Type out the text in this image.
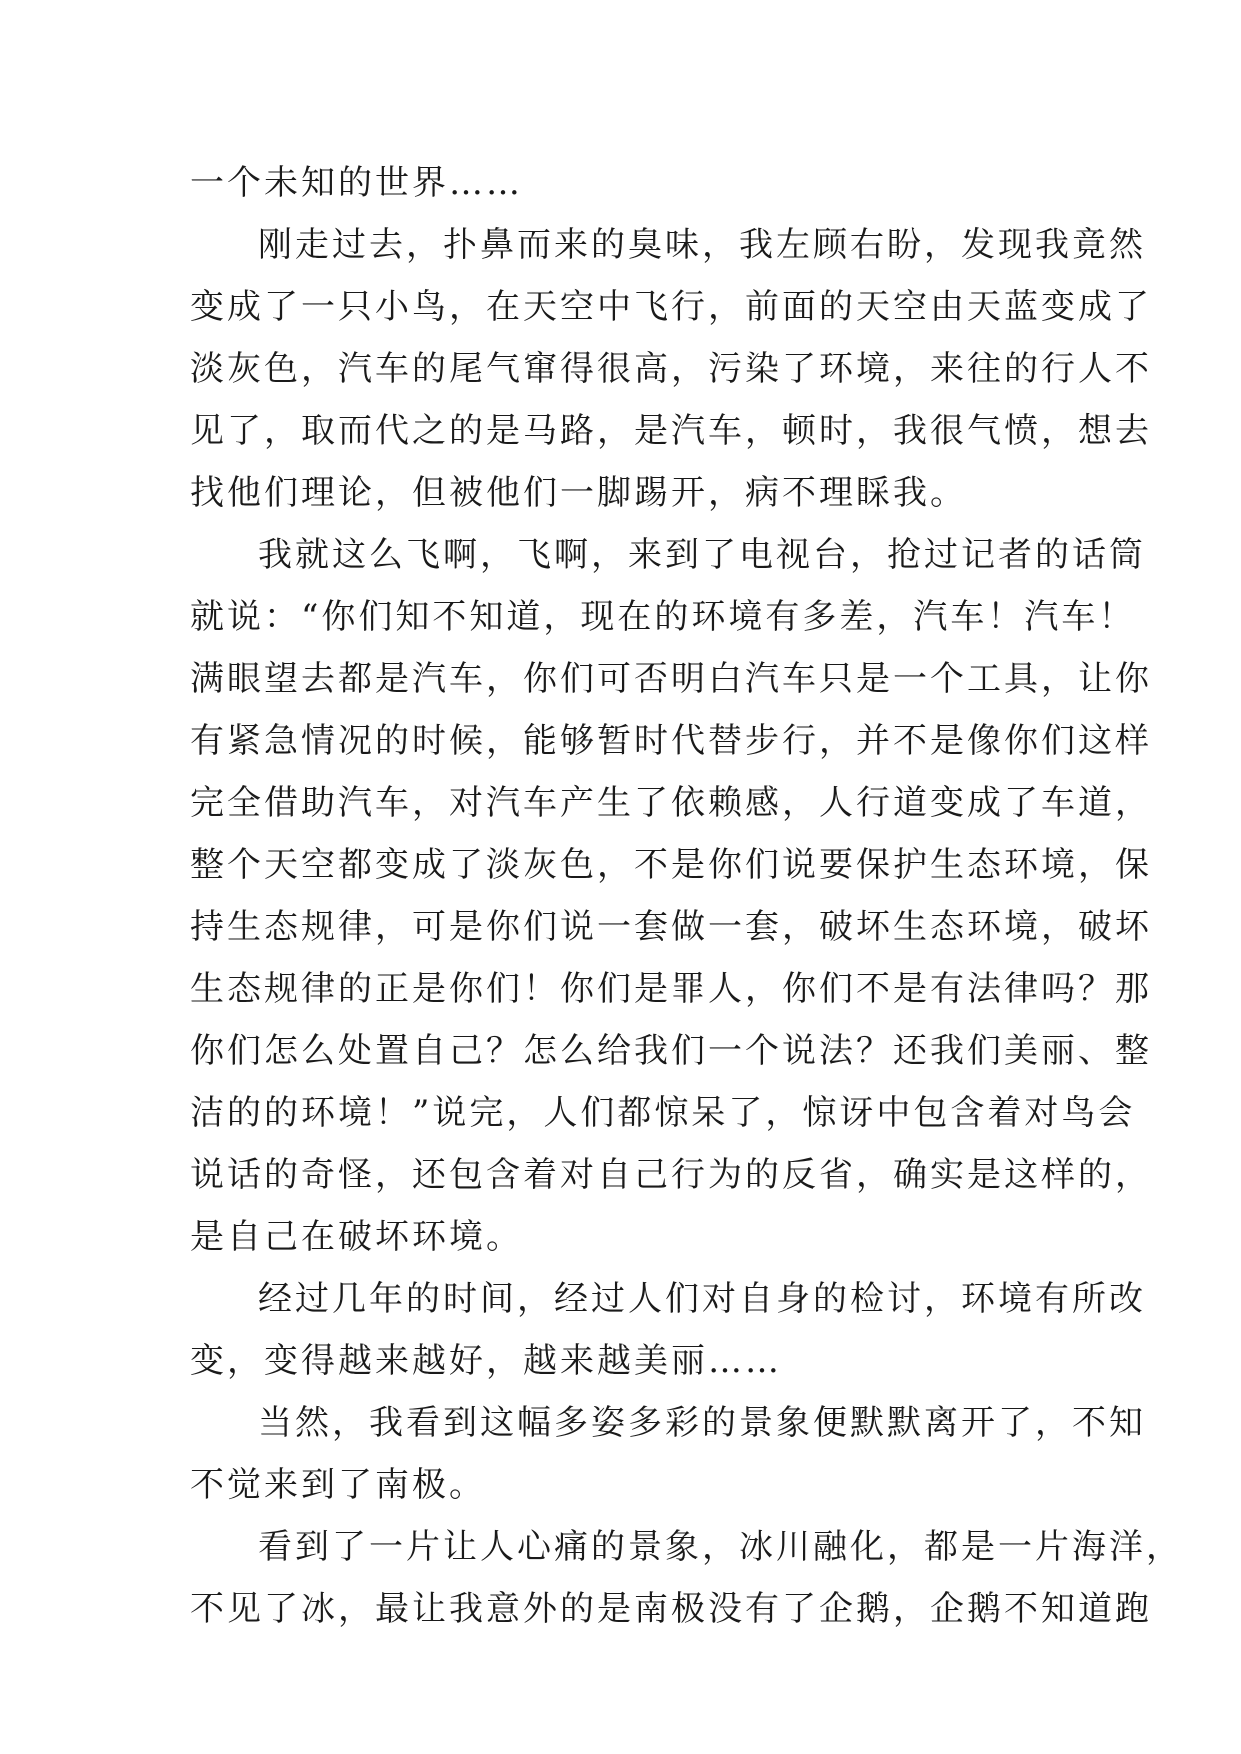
一个未知的世界……
刚走过去，扑鼻而来的臭味，我左顾右盼，发现我竟然
变成了一只小鸟，在天空中飞行，前面的天空由天蓝变成了
淡灰色，汽车的尾气窜得很高，污染了环境，来往的行人不
见了，取而代之的是马路，是汽车，顿时，我很气愤，想去
找他们理论，但被他们一脚踢开，病不理睬我。
我就这么飞啊，飞啊，来到了电视台，抢过记者的话筒
就说：“你们知不知道，现在的环境有多差，汽车！汽车！
满眼望去都是汽车，你们可否明白汽车只是一个工具，让你
有紧急情况的时候，能够暂时代替步行，并不是像你们这样
完全借助汽车，对汽车产生了依赖感，人行道变成了车道，
整个天空都变成了淡灰色，不是你们说要保护生态环境，保
持生态规律，可是你们说一套做一套，破坏生态环境，破坏
生态规律的正是你们！你们是罪人，你们不是有法律吗？那
你们怎么处置自己？怎么给我们一个说法？还我们美丽、整
洁的的环境！”说完，人们都惊呆了，惊讶中包含着对鸟会
说话的奇怪，还包含着对自己行为的反省，确实是这样的，
是自己在破坏环境。
经过几年的时间，经过人们对自身的检讨，环境有所改
变，变得越来越好，越来越美丽……
当然，我看到这幅多姿多彩的景象便默默离开了，不知
不觉来到了南极。
看到了一片让人心痛的景象，冰川融化，都是一片海洋，
不见了冰，最让我意外的是南极没有了企鹅，企鹅不知道跑
